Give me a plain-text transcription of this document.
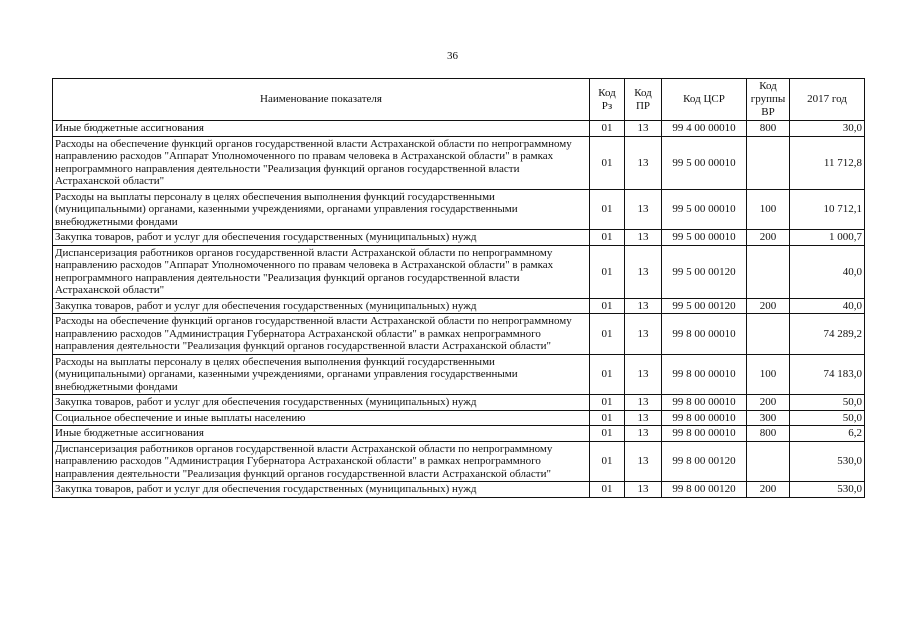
36
Наименование показателя	Код Рз	Код ПР	Код ЦСР	Код группы ВР	2017 год
Иные бюджетные ассигнования	01	13	99 4 00 00010	800	30,0
Расходы на обеспечение функций органов государственной власти Астраханской области по непрограммному направлению расходов "Аппарат Уполномоченного по правам человека в Астраханской области" в рамках непрограммного направления деятельности "Реализация функций органов государственной власти Астраханской области"	01	13	99 5 00 00010		11 712,8
Расходы на выплаты персоналу в целях обеспечения выполнения функций государственными (муниципальными) органами, казенными учреждениями, органами управления государственными внебюджетными фондами	01	13	99 5 00 00010	100	10 712,1
Закупка товаров, работ и услуг для обеспечения государственных (муниципальных) нужд	01	13	99 5 00 00010	200	1 000,7
Диспансеризация работников органов государственной власти Астраханской области по непрограммному направлению расходов "Аппарат Уполномоченного по правам человека в Астраханской области" в рамках непрограммного направления деятельности "Реализация функций органов государственной власти Астраханской области"	01	13	99 5 00 00120		40,0
Закупка товаров, работ и услуг для обеспечения государственных (муниципальных) нужд	01	13	99 5 00 00120	200	40,0
Расходы на обеспечение функций органов государственной власти Астраханской области по непрограммному направлению расходов "Администрация Губернатора Астраханской области" в рамках непрограммного направления деятельности "Реализация функций органов государственной власти Астраханской области"	01	13	99 8 00 00010		74 289,2
Расходы на выплаты персоналу в целях обеспечения выполнения функций государственными (муниципальными) органами, казенными учреждениями, органами управления государственными внебюджетными фондами	01	13	99 8 00 00010	100	74 183,0
Закупка товаров, работ и услуг для обеспечения государственных (муниципальных) нужд	01	13	99 8 00 00010	200	50,0
Социальное обеспечение и иные выплаты населению	01	13	99 8 00 00010	300	50,0
Иные бюджетные ассигнования	01	13	99 8 00 00010	800	6,2
Диспансеризация работников органов государственной власти Астраханской области по непрограммному направлению расходов "Администрация Губернатора Астраханской области" в рамках непрограммного направления деятельности "Реализация функций органов государственной власти Астраханской области"	01	13	99 8 00 00120		530,0
Закупка товаров, работ и услуг для обеспечения государственных (муниципальных) нужд	01	13	99 8 00 00120	200	530,0
